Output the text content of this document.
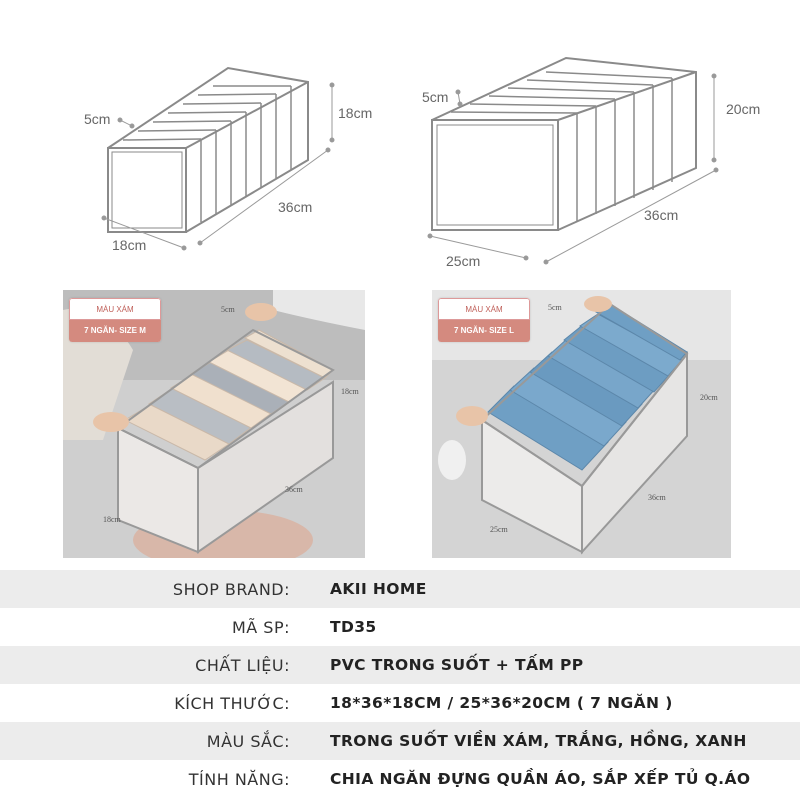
5cm	18cm
36cm
18cm
5cm
20cm
36cm
25cm
5cm
18cm
36cm
18cm
MÀU XÁM
7 NGĂN- SIZE M
5cm
20cm
36cm
25cm
MÀU XÁM
7 NGĂN- SIZE L
SHOP BRAND:	AKII HOME
MÃ SP:	TD35
CHẤT LIỆU:	PVC TRONG SUỐT + TẤM PP
KÍCH THƯỚC:	18*36*18CM / 25*36*20CM ( 7 NGĂN )
MÀU SẮC:	TRONG SUỐT VIỀN XÁM, TRẮNG, HỒNG, XANH
TÍNH NĂNG:	CHIA NGĂN ĐỰNG QUẦN ÁO, SẮP XẾP TỦ Q.ÁO
